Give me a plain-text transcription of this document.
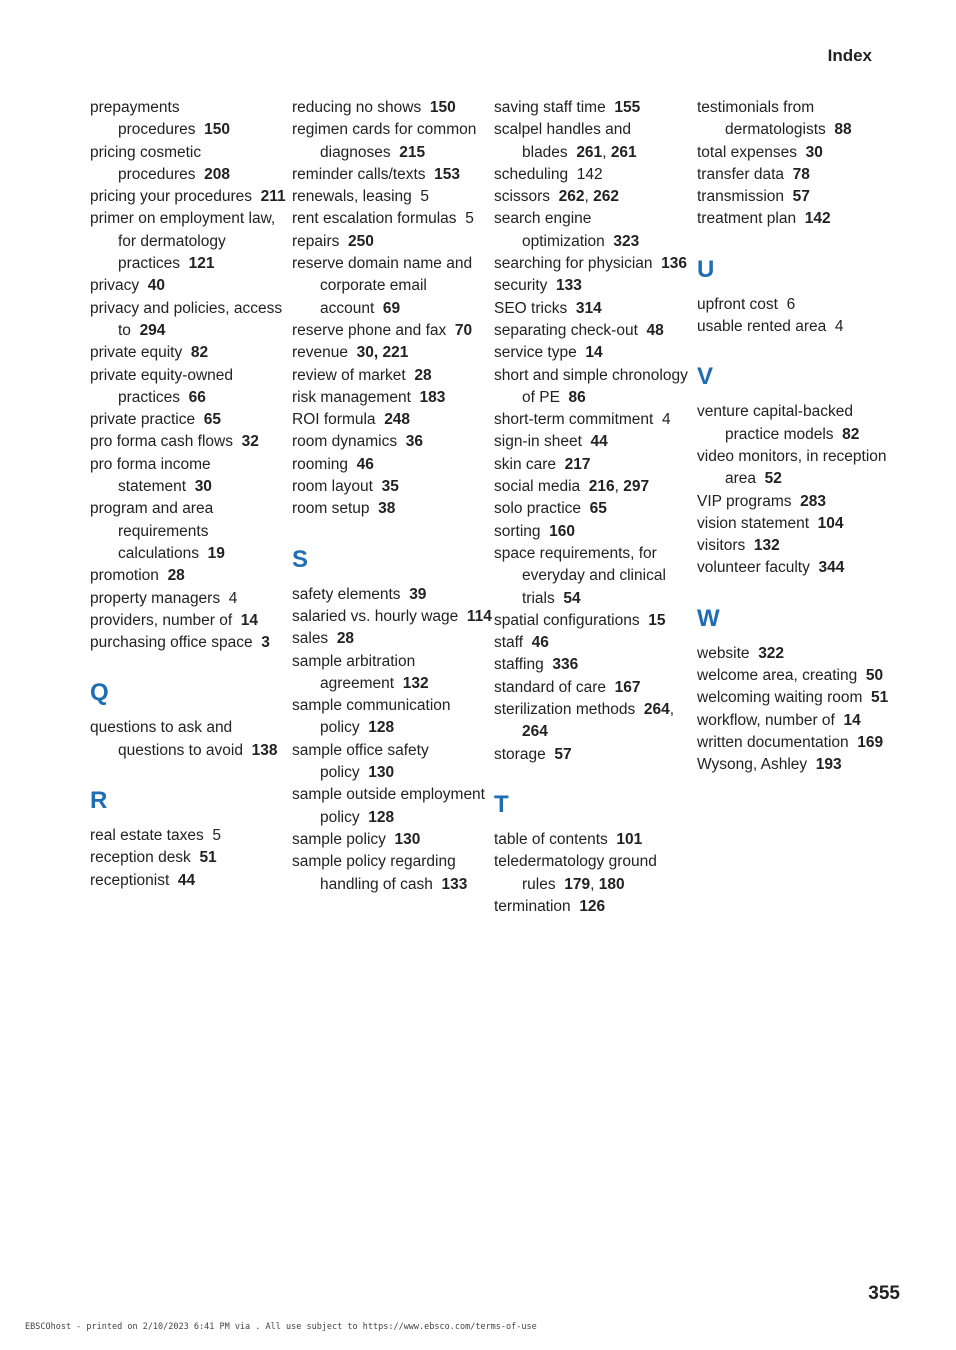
Index
prepayments procedures 150
pricing cosmetic procedures 208
pricing your procedures 211
primer on employment law, for dermatology practices 121
privacy 40
privacy and policies, access to 294
private equity 82
private equity-owned practices 66
private practice 65
pro forma cash flows 32
pro forma income statement 30
program and area requirements calculations 19
promotion 28
property managers 4
providers, number of 14
purchasing office space 3
Q
questions to ask and questions to avoid 138
R
real estate taxes 5
reception desk 51
receptionist 44
reducing no shows 150
regimen cards for common diagnoses 215
reminder calls/texts 153
renewals, leasing 5
rent escalation formulas 5
repairs 250
reserve domain name and corporate email account 69
reserve phone and fax 70
revenue 30, 221
review of market 28
risk management 183
ROI formula 248
room dynamics 36
rooming 46
room layout 35
room setup 38
S
safety elements 39
salaried vs. hourly wage 114
sales 28
sample arbitration agreement 132
sample communication policy 128
sample office safety policy 130
sample outside employment policy 128
sample policy 130
sample policy regarding handling of cash 133
saving staff time 155
scalpel handles and blades 261, 261
scheduling 142
scissors 262, 262
search engine optimization 323
searching for physician 136
security 133
SEO tricks 314
separating check-out 48
service type 14
short and simple chronology of PE 86
short-term commitment 4
sign-in sheet 44
skin care 217
social media 216, 297
solo practice 65
sorting 160
space requirements, for everyday and clinical trials 54
spatial configurations 15
staff 46
staffing 336
standard of care 167
sterilization methods 264, 264
storage 57
T
table of contents 101
teledermatology ground rules 179, 180
termination 126
testimonials from dermatologists 88
total expenses 30
transfer data 78
transmission 57
treatment plan 142
U
upfront cost 6
usable rented area 4
V
venture capital-backed practice models 82
video monitors, in reception area 52
VIP programs 283
vision statement 104
visitors 132
volunteer faculty 344
W
website 322
welcome area, creating 50
welcoming waiting room 51
workflow, number of 14
written documentation 169
Wysong, Ashley 193
355
EBSCOhost - printed on 2/10/2023 6:41 PM via . All use subject to https://www.ebsco.com/terms-of-use
